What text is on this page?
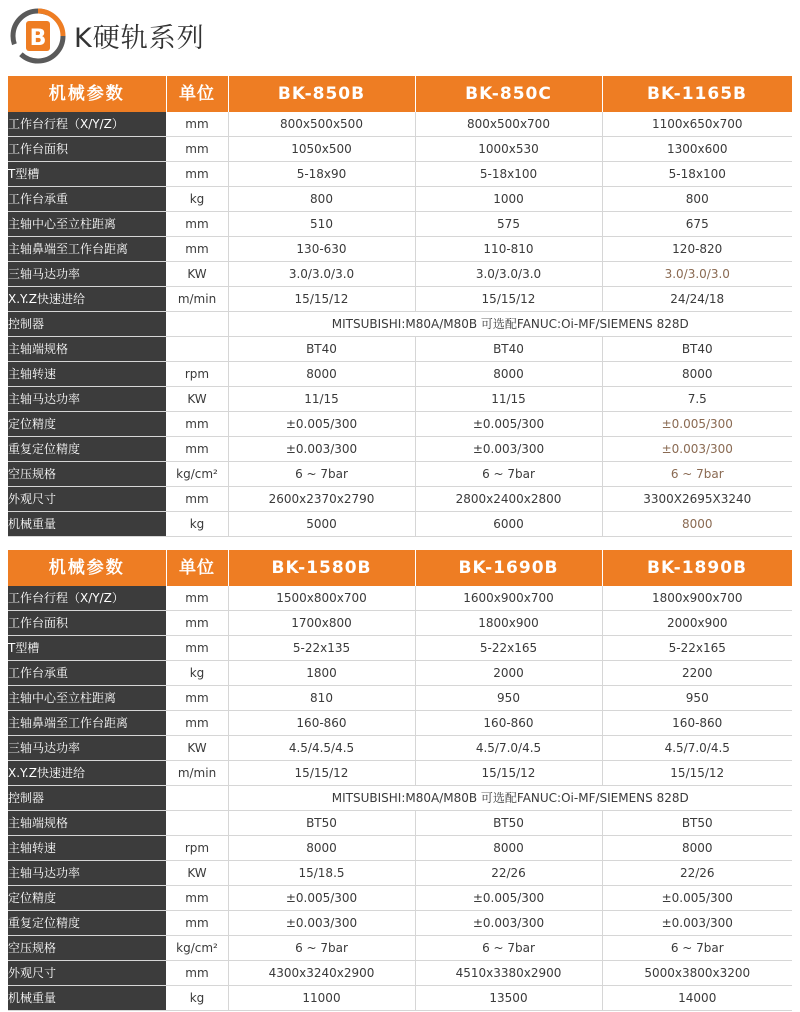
B K硬轨系列
机械参数	单位	BK-850B	BK-850C	BK-1165B
工作台行程（X/Y/Z）	mm	800x500x500	800x500x700	1100x650x700
工作台面积	mm	1050x500	1000x530	1300x600
T型槽	mm	5-18x90	5-18x100	5-18x100
工作台承重	kg	800	1000	800
主轴中心至立柱距离	mm	510	575	675
主轴鼻端至工作台距离	mm	130-630	110-810	120-820
三轴马达功率	KW	3.0/3.0/3.0	3.0/3.0/3.0	3.0/3.0/3.0
X.Y.Z快速进给	m/min	15/15/12	15/15/12	24/24/18
控制器		MITSUBISHI:M80A/M80B 可选配FANUC:Oi-MF/SIEMENS 828D		
主轴端规格		BT40	BT40	BT40
主轴转速	rpm	8000	8000	8000
主轴马达功率	KW	11/15	11/15	7.5
定位精度	mm	±0.005/300	±0.005/300	±0.005/300
重复定位精度	mm	±0.003/300	±0.003/300	±0.003/300
空压规格	kg/cm²	6 ~ 7bar	6 ~ 7bar	6 ~ 7bar
外观尺寸	mm	2600x2370x2790	2800x2400x2800	3300X2695X3240
机械重量	kg	5000	6000	8000
机械参数	单位	BK-1580B	BK-1690B	BK-1890B
工作台行程（X/Y/Z）	mm	1500x800x700	1600x900x700	1800x900x700
工作台面积	mm	1700x800	1800x900	2000x900
T型槽	mm	5-22x135	5-22x165	5-22x165
工作台承重	kg	1800	2000	2200
主轴中心至立柱距离	mm	810	950	950
主轴鼻端至工作台距离	mm	160-860	160-860	160-860
三轴马达功率	KW	4.5/4.5/4.5	4.5/7.0/4.5	4.5/7.0/4.5
X.Y.Z快速进给	m/min	15/15/12	15/15/12	15/15/12
控制器		MITSUBISHI:M80A/M80B 可选配FANUC:Oi-MF/SIEMENS 828D		
主轴端规格		BT50	BT50	BT50
主轴转速	rpm	8000	8000	8000
主轴马达功率	KW	15/18.5	22/26	22/26
定位精度	mm	±0.005/300	±0.005/300	±0.005/300
重复定位精度	mm	±0.003/300	±0.003/300	±0.003/300
空压规格	kg/cm²	6 ~ 7bar	6 ~ 7bar	6 ~ 7bar
外观尺寸	mm	4300x3240x2900	4510x3380x2900	5000x3800x3200
机械重量	kg	11000	13500	14000
